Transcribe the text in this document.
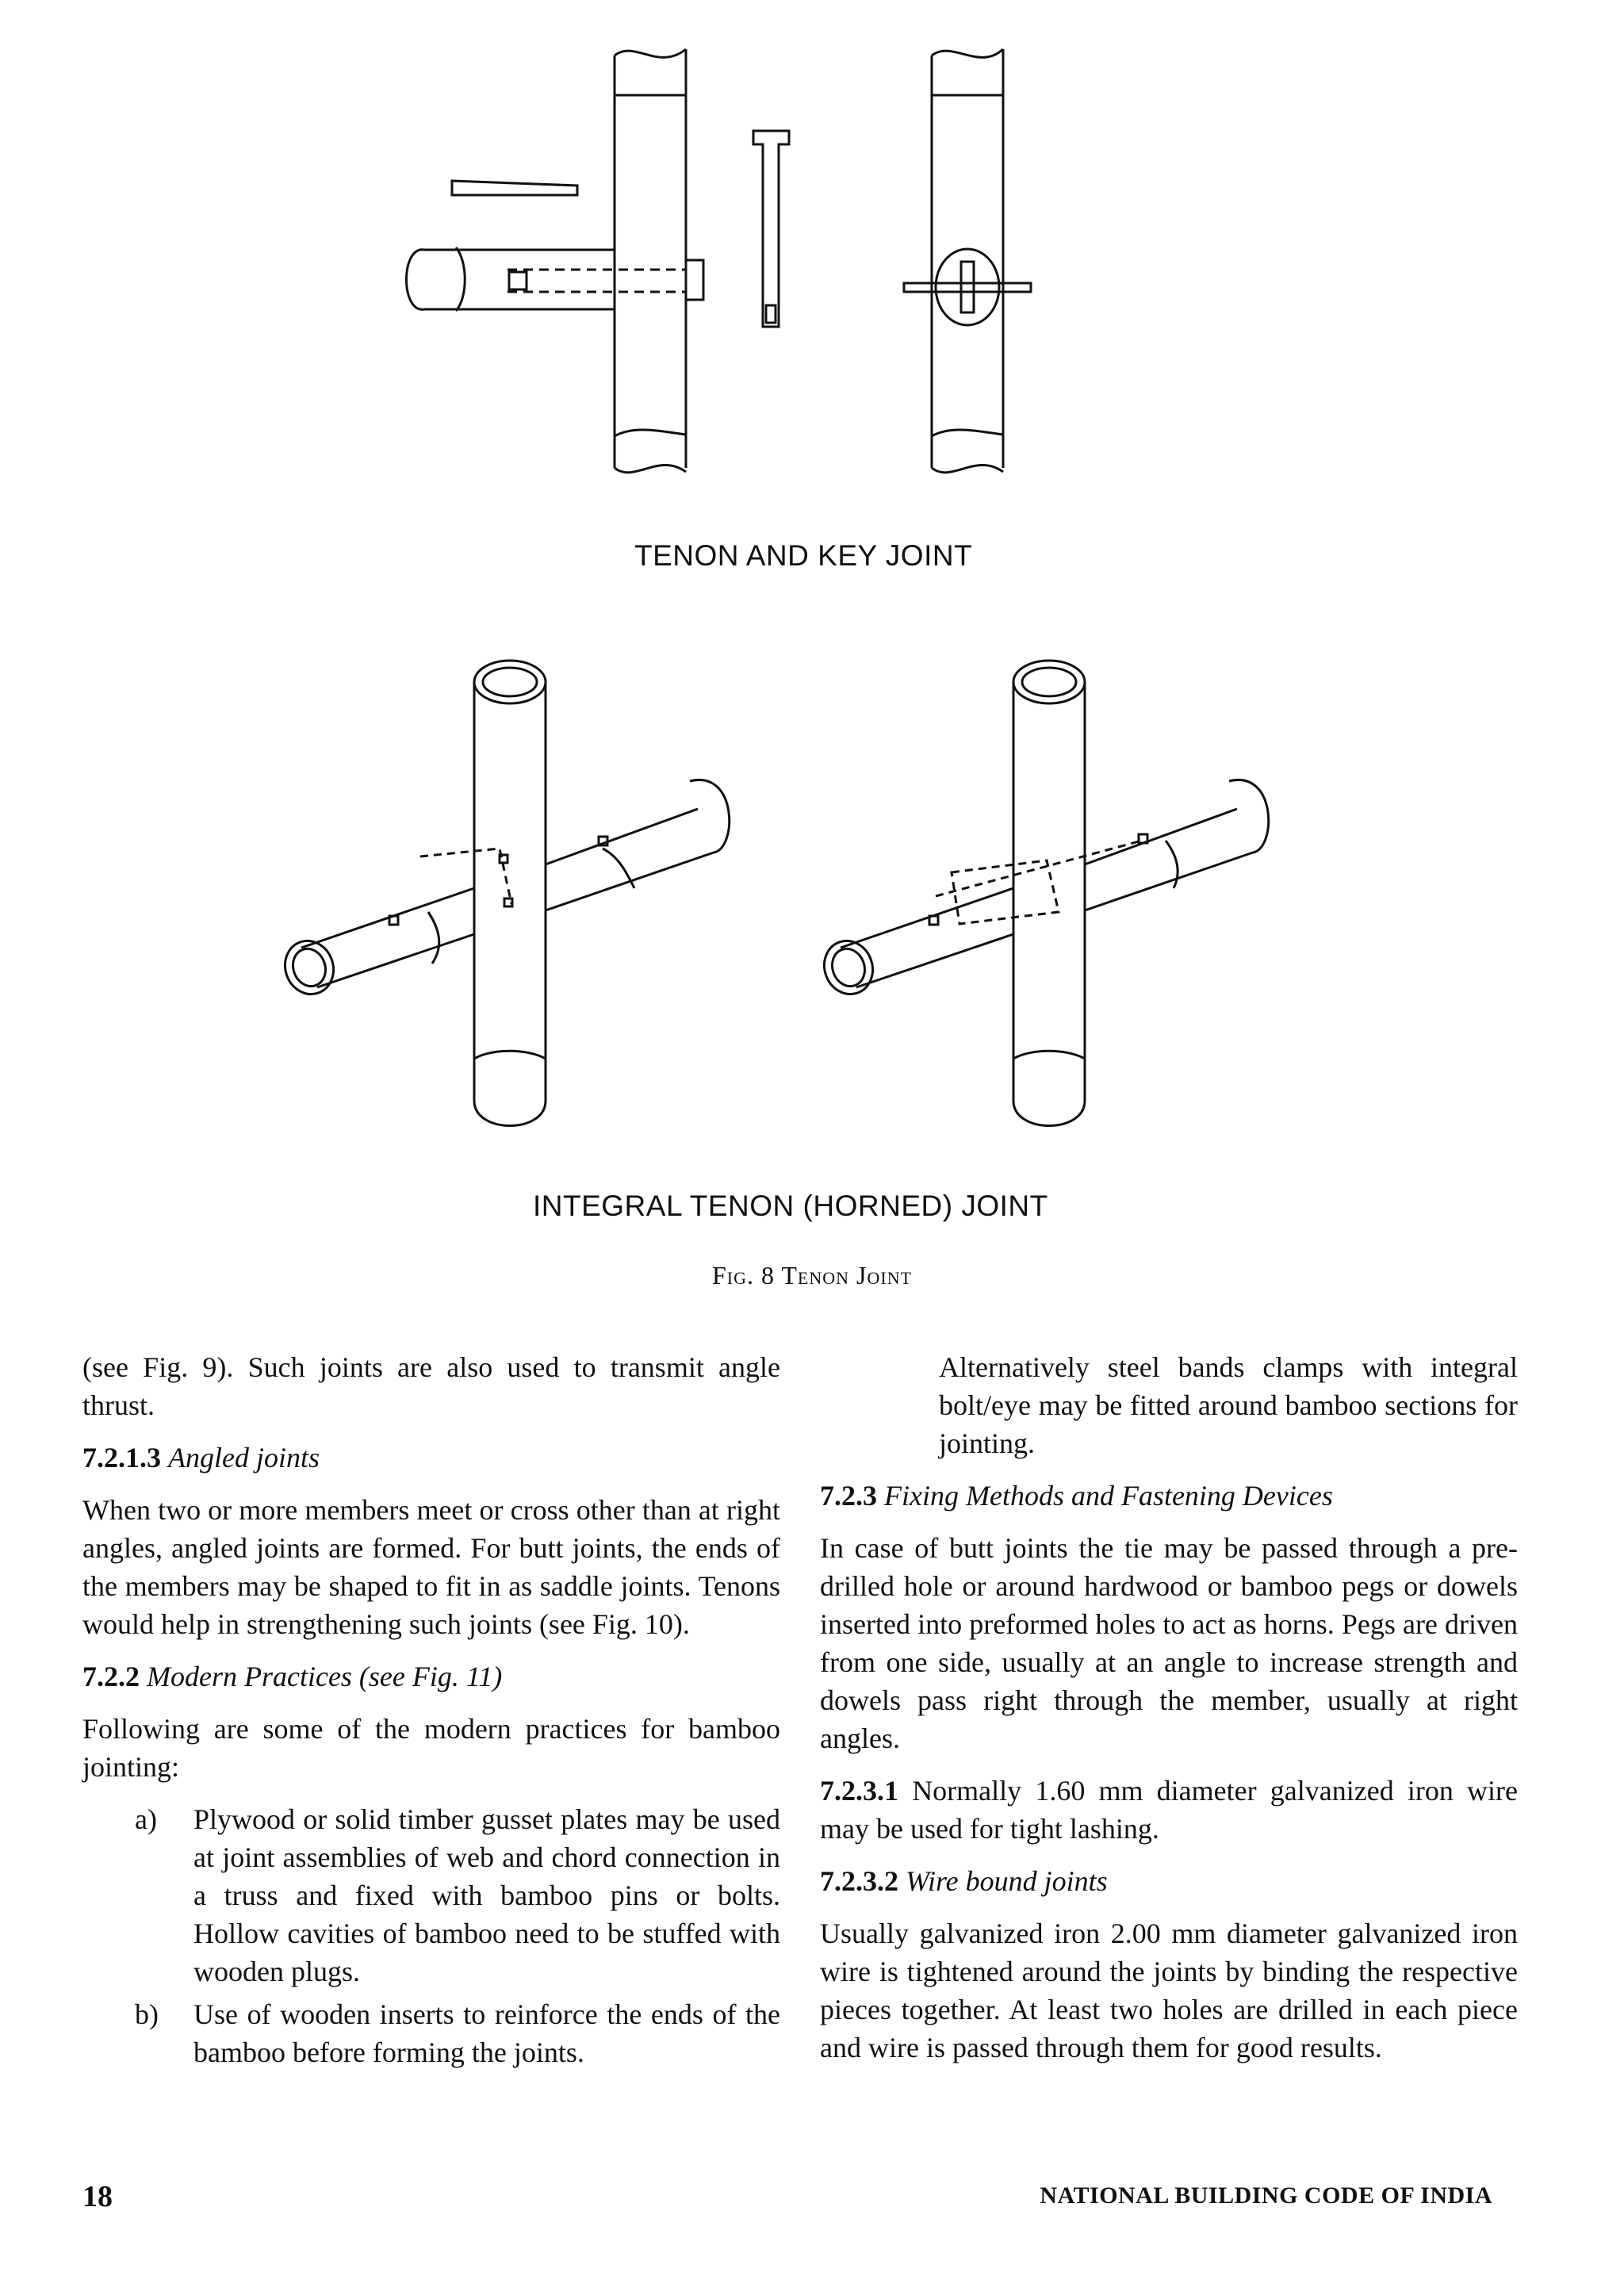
TENON AND KEY JOINT
INTEGRAL TENON (HORNED) JOINT
Fig. 8 Tenon Joint

(see Fig. 9). Such joints are also used to transmit angle thrust.

7.2.1.3 Angled joints

When two or more members meet or cross other than at right angles, angled joints are formed. For butt joints, the ends of the members may be shaped to fit in as saddle joints. Tenons would help in strengthening such joints (see Fig. 10).

7.2.2 Modern Practices (see Fig. 11)

Following are some of the modern practices for bamboo jointing:

a)	Plywood or solid timber gusset plates may be used at joint assemblies of web and chord connection in a truss and fixed with bamboo pins or bolts. Hollow cavities of bamboo need to be stuffed with wooden plugs.
b)	Use of wooden inserts to reinforce the ends of the bamboo before forming the joints.

Alternatively steel bands clamps with integral bolt/eye may be fitted around bamboo sections for jointing.

7.2.3 Fixing Methods and Fastening Devices

In case of butt joints the tie may be passed through a pre-drilled hole or around hardwood or bamboo pegs or dowels inserted into preformed holes to act as horns. Pegs are driven from one side, usually at an angle to increase strength and dowels pass right through the member, usually at right angles.

7.2.3.1 Normally 1.60 mm diameter galvanized iron wire may be used for tight lashing.

7.2.3.2 Wire bound joints

Usually galvanized iron 2.00 mm diameter galvanized iron wire is tightened around the joints by binding the respective pieces together. At least two holes are drilled in each piece and wire is passed through them for good results.

18	NATIONAL BUILDING CODE OF INDIA
